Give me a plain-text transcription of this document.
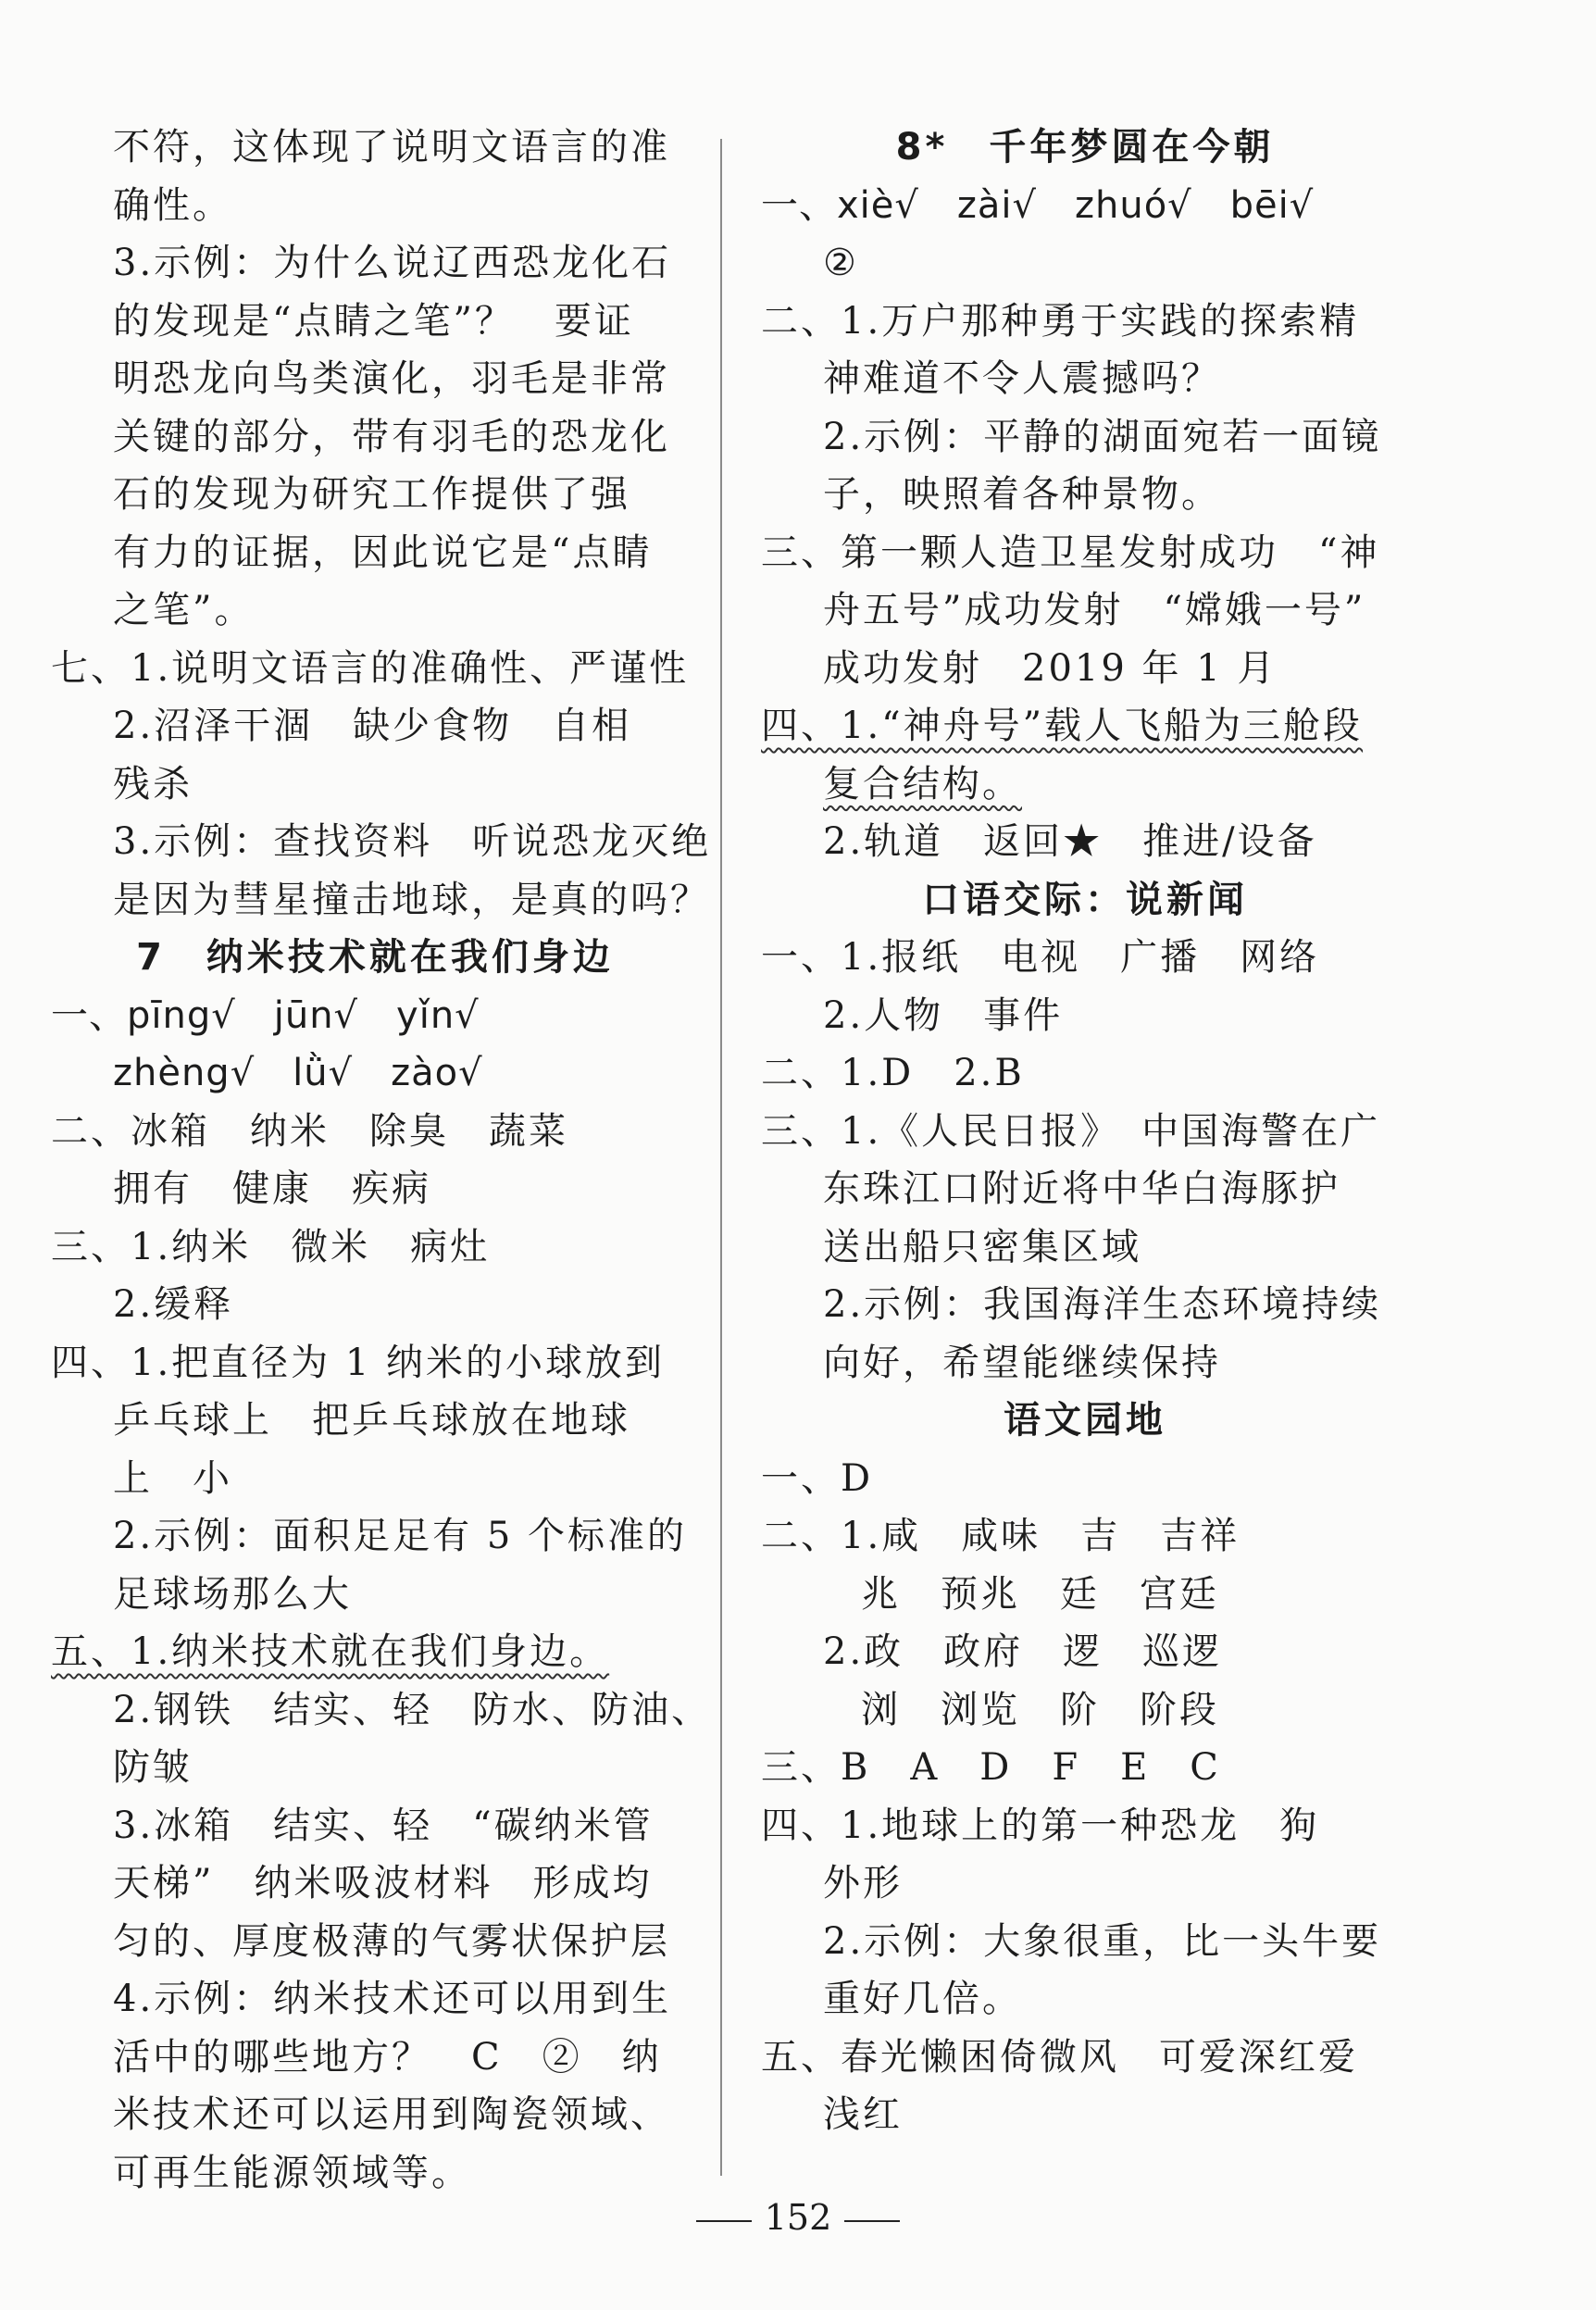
不符，这体现了说明文语言的准
确性。
3.示例：为什么说辽西恐龙化石
的发现是“点睛之笔”？　要证
明恐龙向鸟类演化，羽毛是非常
关键的部分，带有羽毛的恐龙化
石的发现为研究工作提供了强
有力的证据，因此说它是“点睛
之笔”。
七、1.说明文语言的准确性、严谨性
2.沼泽干涸　缺少食物　自相
残杀
3.示例：查找资料　听说恐龙灭绝
是因为彗星撞击地球，是真的吗？
7　纳米技术就在我们身边
一、pīng√　jūn√　yǐn√
zhèng√　lǜ√　zào√
二、冰箱　纳米　除臭　蔬菜
拥有　健康　疾病
三、1.纳米　微米　病灶
2.缓释
四、1.把直径为 1 纳米的小球放到
乒乓球上　把乒乓球放在地球
上　小
2.示例：面积足足有 5 个标准的
足球场那么大
五、1.纳米技术就在我们身边。
2.钢铁　结实、轻　防水、防油、
防皱
3.冰箱　结实、轻　“碳纳米管
天梯”　纳米吸波材料　形成均
匀的、厚度极薄的气雾状保护层
4.示例：纳米技术还可以用到生
活中的哪些地方？　C　②　纳
米技术还可以运用到陶瓷领域、
可再生能源领域等。
8*　千年梦圆在今朝
一、xiè√　zài√　zhuó√　bēi√
②
二、1.万户那种勇于实践的探索精
神难道不令人震撼吗？
2.示例：平静的湖面宛若一面镜
子，映照着各种景物。
三、第一颗人造卫星发射成功　“神
舟五号”成功发射　“嫦娥一号”
成功发射　2019 年 1 月
四、1.“神舟号”载人飞船为三舱段
复合结构。
2.轨道　返回★　推进/设备
口语交际：说新闻
一、1.报纸　电视　广播　网络
2.人物　事件
二、1.D　2.B
三、1.《人民日报》　中国海警在广
东珠江口附近将中华白海豚护
送出船只密集区域
2.示例：我国海洋生态环境持续
向好，希望能继续保持
语文园地
一、D
二、1.咸　咸味　吉　吉祥
兆　预兆　廷　宫廷
2.政　政府　逻　巡逻
浏　浏览　阶　阶段
三、B　A　D　F　E　C
四、1.地球上的第一种恐龙　狗
外形
2.示例：大象很重，比一头牛要
重好几倍。
五、春光懒困倚微风　可爱深红爱
浅红
152
